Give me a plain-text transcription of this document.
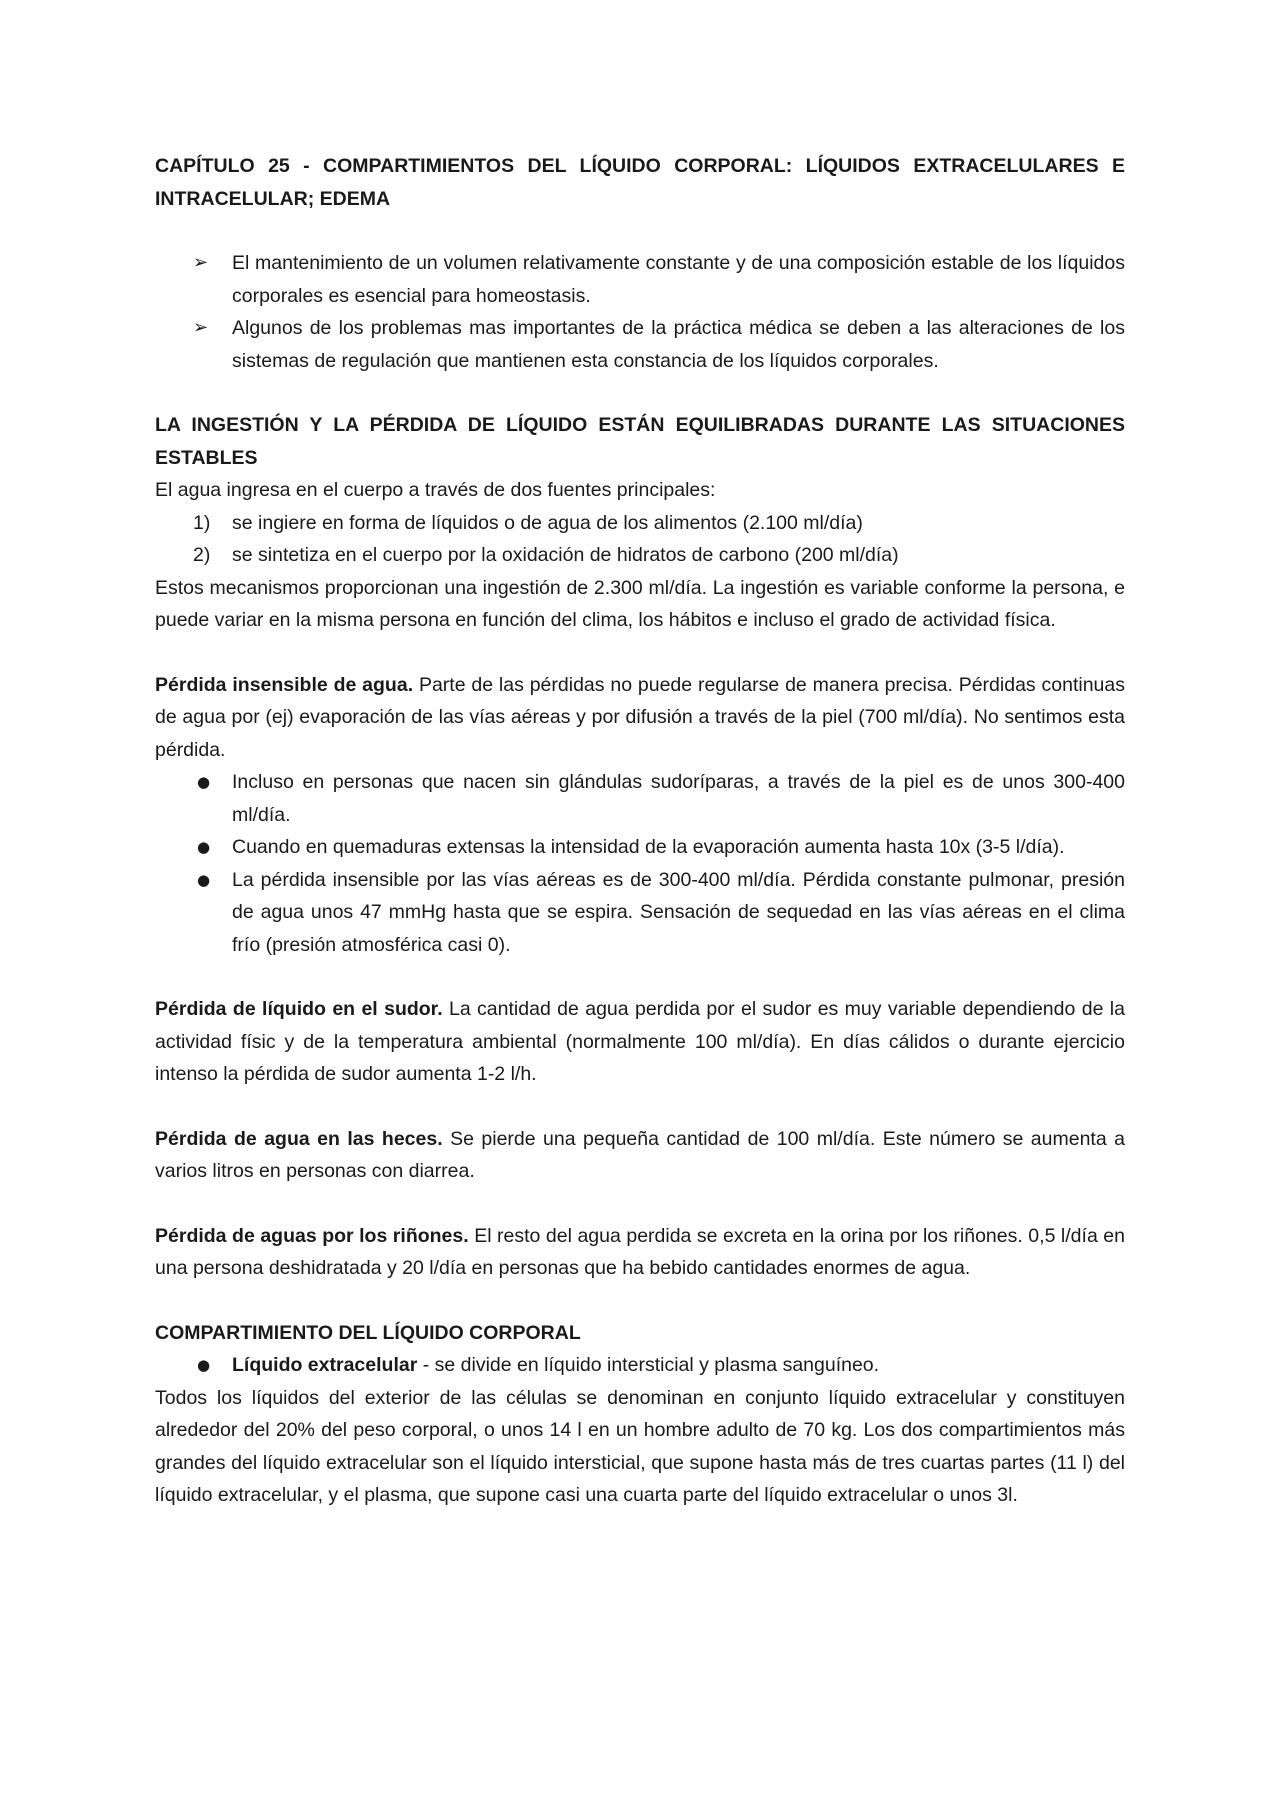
CAPÍTULO 25 - COMPARTIMIENTOS DEL LÍQUIDO CORPORAL: LÍQUIDOS EXTRACELULARES E INTRACELULAR; EDEMA
➢	El mantenimiento de un volumen relativamente constante y de una composición estable de los líquidos corporales es esencial para homeostasis.
➢	Algunos de los problemas mas importantes de la práctica médica se deben a las alteraciones de los sistemas de regulación que mantienen esta constancia de los líquidos corporales.
LA INGESTIÓN Y LA PÉRDIDA DE LÍQUIDO ESTÁN EQUILIBRADAS DURANTE LAS SITUACIONES ESTABLES
El agua ingresa en el cuerpo a través de dos fuentes principales:
1)	se ingiere en forma de líquidos o de agua de los alimentos (2.100 ml/día)
2)	se sintetiza en el cuerpo por la oxidación de hidratos de carbono (200 ml/día)
Estos mecanismos proporcionan una ingestión de 2.300 ml/día. La ingestión es variable conforme la persona, e puede variar en la misma persona en función del clima, los hábitos e incluso el grado de actividad física.
Pérdida insensible de agua. Parte de las pérdidas no puede regularse de manera precisa. Pérdidas continuas de agua por (ej) evaporación de las vías aéreas y por difusión a través de la piel (700 ml/día). No sentimos esta pérdida.
●	Incluso en personas que nacen sin glándulas sudoríparas, a través de la piel es de unos 300-400 ml/día.
●	Cuando en quemaduras extensas la intensidad de la evaporación aumenta hasta 10x (3-5 l/día).
●	La pérdida insensible por las vías aéreas es de 300-400 ml/día. Pérdida constante pulmonar, presión de agua unos 47 mmHg hasta que se espira. Sensación de sequedad en las vías aéreas en el clima frío (presión atmosférica casi 0).
Pérdida de líquido en el sudor. La cantidad de agua perdida por el sudor es muy variable dependiendo de la actividad físic y de la temperatura ambiental (normalmente 100 ml/día). En días cálidos o durante ejercicio intenso la pérdida de sudor aumenta 1-2 l/h.
Pérdida de agua en las heces. Se pierde una pequeña cantidad de 100 ml/día. Este número se aumenta a varios litros en personas con diarrea.
Pérdida de aguas por los riñones. El resto del agua perdida se excreta en la orina por los riñones. 0,5 l/día en una persona deshidratada y 20 l/día en personas que ha bebido cantidades enormes de agua.
COMPARTIMIENTO DEL LÍQUIDO CORPORAL
●	Líquido extracelular - se divide en líquido intersticial y plasma sanguíneo.
Todos los líquidos del exterior de las células se denominan en conjunto líquido extracelular y constituyen alrededor del 20% del peso corporal, o unos 14 l en un hombre adulto de 70 kg. Los dos compartimientos más grandes del líquido extracelular son el líquido intersticial, que supone hasta más de tres cuartas partes (11 l) del líquido extracelular, y el plasma, que supone casi una cuarta parte del líquido extracelular o unos 3l.
